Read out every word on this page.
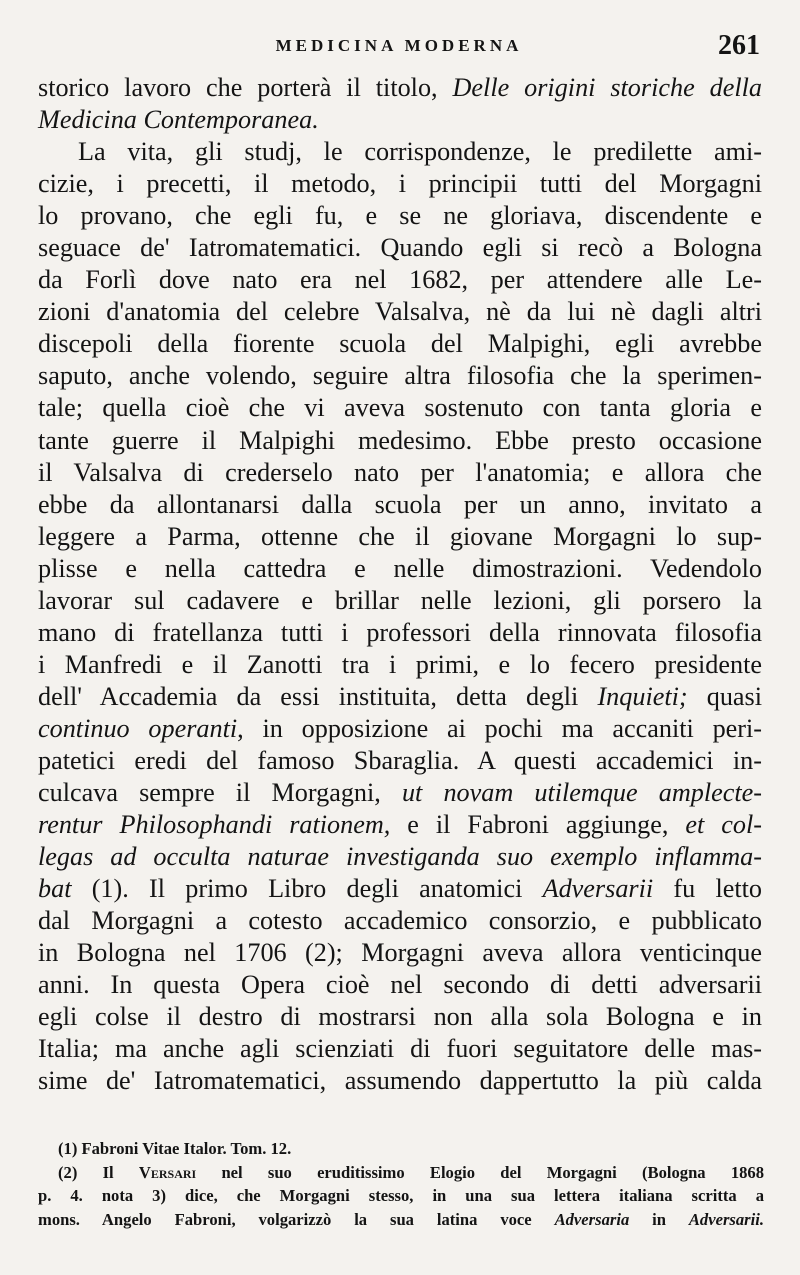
MEDICINA MODERNA	261
storico lavoro che porterà il titolo, Delle origini storiche della
Medicina Contemporanea.
La vita, gli studj, le corrispondenze, le predilette ami-
cizie, i precetti, il metodo, i principii tutti del Morgagni
lo provano, che egli fu, e se ne gloriava, discendente e
seguace de' Iatromatematici. Quando egli si recò a Bologna
da Forlì dove nato era nel 1682, per attendere alle Le-
zioni d'anatomia del celebre Valsalva, nè da lui nè dagli altri
discepoli della fiorente scuola del Malpighi, egli avrebbe
saputo, anche volendo, seguire altra filosofia che la sperimen-
tale; quella cioè che vi aveva sostenuto con tanta gloria e
tante guerre il Malpighi medesimo. Ebbe presto occasione
il Valsalva di crederselo nato per l'anatomia; e allora che
ebbe da allontanarsi dalla scuola per un anno, invitato a
leggere a Parma, ottenne che il giovane Morgagni lo sup-
plisse e nella cattedra e nelle dimostrazioni. Vedendolo
lavorar sul cadavere e brillar nelle lezioni, gli porsero la
mano di fratellanza tutti i professori della rinnovata filosofia
i Manfredi e il Zanotti tra i primi, e lo fecero presidente
dell' Accademia da essi instituita, detta degli Inquieti; quasi
continuo operanti, in opposizione ai pochi ma accaniti peri-
patetici eredi del famoso Sbaraglia. A questi accademici in-
culcava sempre il Morgagni, ut novam utilemque amplecte-
rentur Philosophandi rationem, e il Fabroni aggiunge, et col-
legas ad occulta naturae investiganda suo exemplo inflamma-
bat (1). Il primo Libro degli anatomici Adversarii fu letto
dal Morgagni a cotesto accademico consorzio, e pubblicato
in Bologna nel 1706 (2); Morgagni aveva allora venticinque
anni. In questa Opera cioè nel secondo di detti adversarii
egli colse il destro di mostrarsi non alla sola Bologna e in
Italia; ma anche agli scienziati di fuori seguitatore delle mas-
sime de' Iatromatematici, assumendo dappertutto la più calda
(1) Fabroni Vitae Italor. Tom. 12.
(2) Il Versari nel suo eruditissimo Elogio del Morgagni (Bologna 1868
p. 4. nota 3) dice, che Morgagni stesso, in una sua lettera italiana scritta a
mons. Angelo Fabroni, volgarizzò la sua latina voce Adversaria in Adversarii.
